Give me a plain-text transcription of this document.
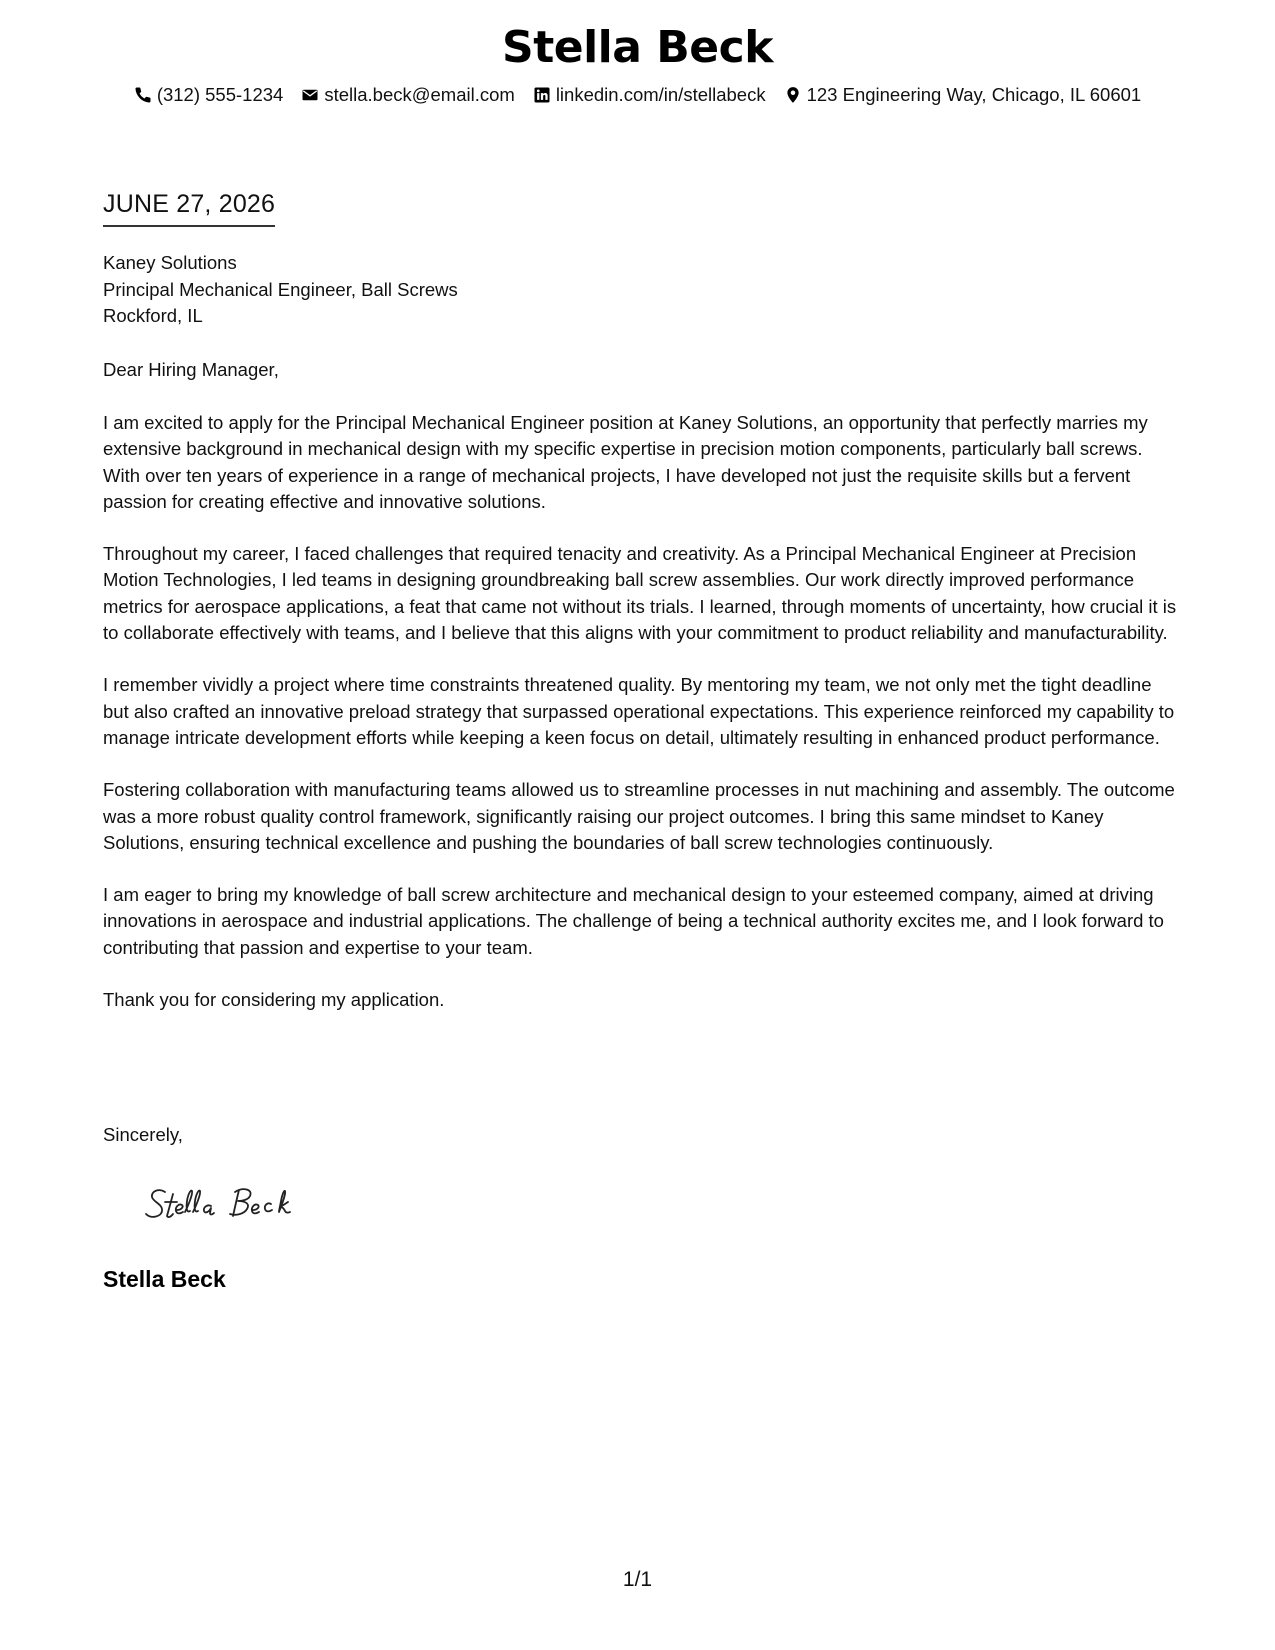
Stella Beck
(312) 555-1234 stella.beck@email.com linkedin.com/in/stellabeck 123 Engineering Way, Chicago, IL 60601
JUNE 27, 2026
Kaney Solutions
Principal Mechanical Engineer, Ball Screws
Rockford, IL
Dear Hiring Manager,

I am excited to apply for the Principal Mechanical Engineer position at Kaney Solutions, an opportunity that perfectly marries my extensive background in mechanical design with my specific expertise in precision motion components, particularly ball screws. With over ten years of experience in a range of mechanical projects, I have developed not just the requisite skills but a fervent passion for creating effective and innovative solutions.

Throughout my career, I faced challenges that required tenacity and creativity. As a Principal Mechanical Engineer at Precision Motion Technologies, I led teams in designing groundbreaking ball screw assemblies. Our work directly improved performance metrics for aerospace applications, a feat that came not without its trials. I learned, through moments of uncertainty, how crucial it is to collaborate effectively with teams, and I believe that this aligns with your commitment to product reliability and manufacturability.

I remember vividly a project where time constraints threatened quality. By mentoring my team, we not only met the tight deadline but also crafted an innovative preload strategy that surpassed operational expectations. This experience reinforced my capability to manage intricate development efforts while keeping a keen focus on detail, ultimately resulting in enhanced product performance.

Fostering collaboration with manufacturing teams allowed us to streamline processes in nut machining and assembly. The outcome was a more robust quality control framework, significantly raising our project outcomes. I bring this same mindset to Kaney Solutions, ensuring technical excellence and pushing the boundaries of ball screw technologies continuously.

I am eager to bring my knowledge of ball screw architecture and mechanical design to your esteemed company, aimed at driving innovations in aerospace and industrial applications. The challenge of being a technical authority excites me, and I look forward to contributing that passion and expertise to your team.

Thank you for considering my application.

Sincerely,
Stella Beck
1/1
